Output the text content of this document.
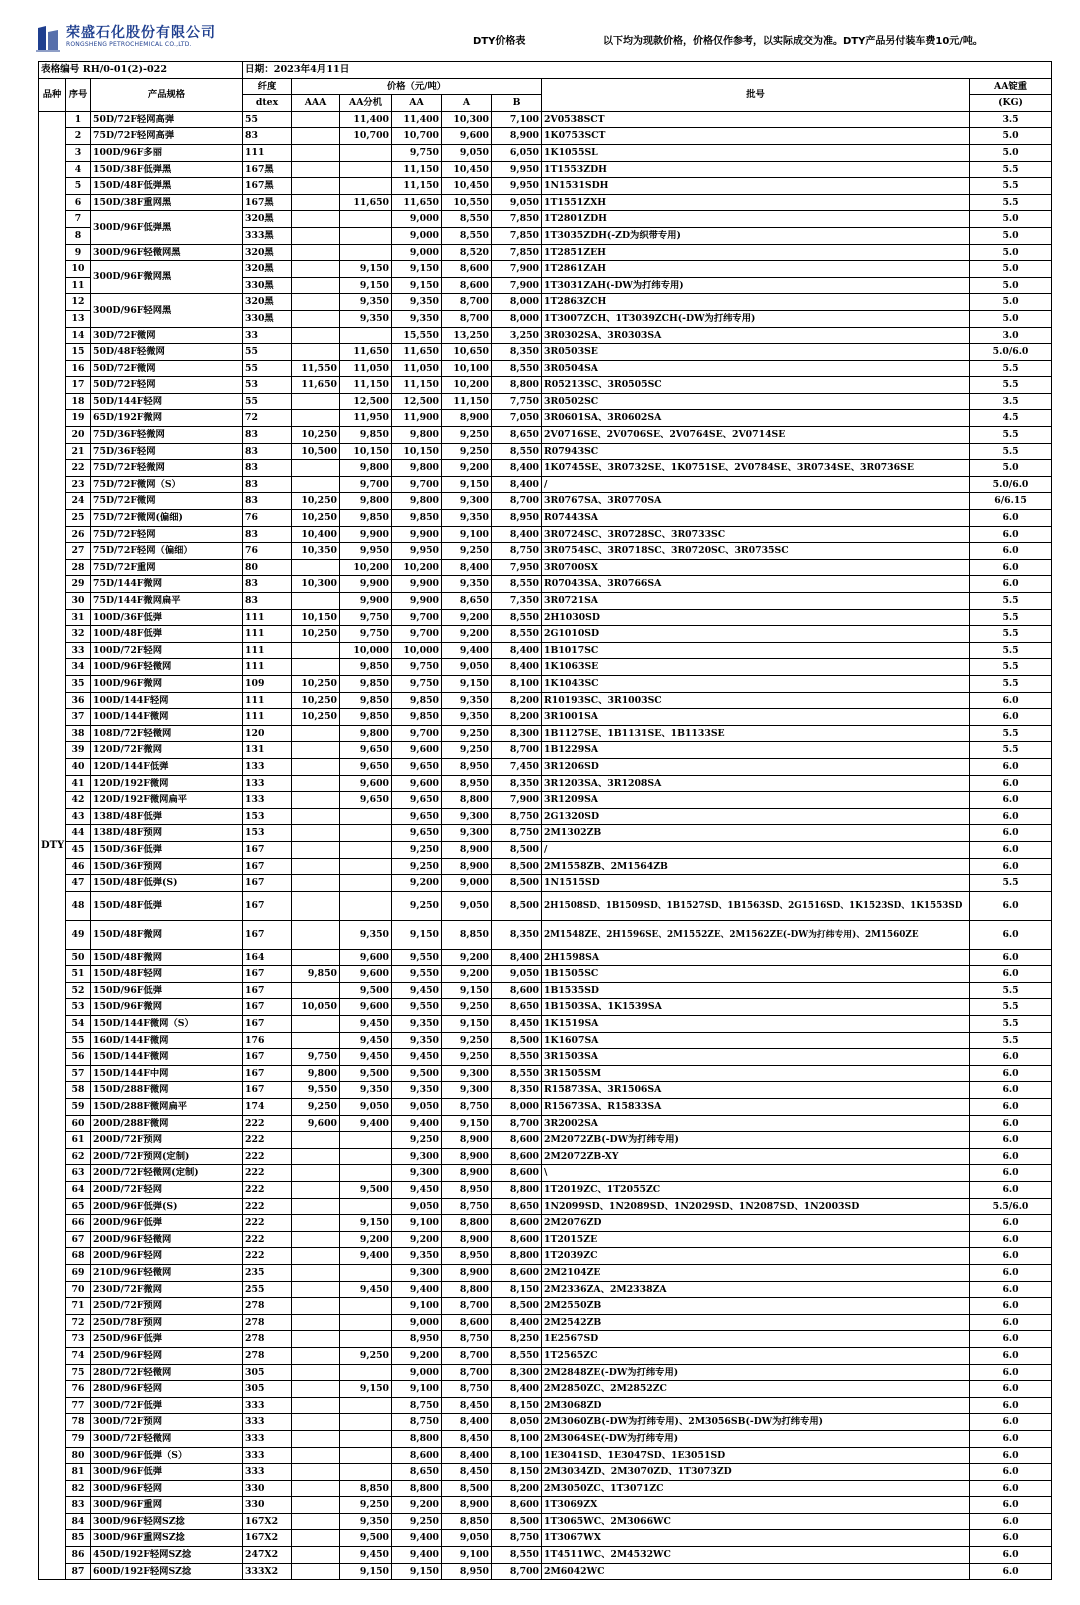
荣盛石化股份有限公司
RONGSHENG PETROCHEMICAL CO.,LTD.	DTY价格表	以下均为现款价格，价格仅作参考，以实际成交为准。DTY产品另付装车费10元/吨。
表格编号 RH/0-01(2)-022			日期：2023年4月11日							
品种	序号	产品规格	纤度	价格（元/吨）					批号	AA锭重
			dtex	AAA	AA分机	AA	A	B		(KG)
DTY	1	50D/72F轻网高弹	55		11,400	11,400	10,300	7,100	2V0538SCT	3.5
	2	75D/72F轻网高弹	83		10,700	10,700	9,600	8,900	1K0753SCT	5.0
	3	100D/96F多丽	111			9,750	9,050	6,050	1K1055SL	5.0
	4	150D/38F低弹黑	167黑			11,150	10,450	9,950	1T1553ZDH	5.5
	5	150D/48F低弹黑	167黑			11,150	10,450	9,950	1N1531SDH	5.5
	6	150D/38F重网黑	167黑		11,650	11,650	10,550	9,050	1T1551ZXH	5.5
	7	300D/96F低弹黑	320黑			9,000	8,550	7,850	1T2801ZDH	5.0
	8		333黑			9,000	8,550	7,850	1T3035ZDH(-ZD为织带专用)	5.0
	9	300D/96F轻微网黑	320黑			9,000	8,520	7,850	1T2851ZEH	5.0
	10	300D/96F微网黑	320黑		9,150	9,150	8,600	7,900	1T2861ZAH	5.0
	11		330黑		9,150	9,150	8,600	7,900	1T3031ZAH(-DW为打纬专用)	5.0
	12	300D/96F轻网黑	320黑		9,350	9,350	8,700	8,000	1T2863ZCH	5.0
	13		330黑		9,350	9,350	8,700	8,000	1T3007ZCH、1T3039ZCH(-DW为打纬专用)	5.0
	14	30D/72F微网	33			15,550	13,250	3,250	3R0302SA、3R0303SA	3.0
	15	50D/48F轻微网	55		11,650	11,650	10,650	8,350	3R0503SE	5.0/6.0
	16	50D/72F微网	55	11,550	11,050	11,050	10,100	8,550	3R0504SA	5.5
	17	50D/72F轻网	53	11,650	11,150	11,150	10,200	8,800	R05213SC、3R0505SC	5.5
	18	50D/144F轻网	55		12,500	12,500	11,150	7,750	3R0502SC	3.5
	19	65D/192F微网	72		11,950	11,900	8,900	7,050	3R0601SA、3R0602SA	4.5
	20	75D/36F轻微网	83	10,250	9,850	9,800	9,250	8,650	2V0716SE、2V0706SE、2V0764SE、2V0714SE	5.5
	21	75D/36F轻网	83	10,500	10,150	10,150	9,250	8,550	R07943SC	5.5
	22	75D/72F轻微网	83		9,800	9,800	9,200	8,400	1K0745SE、3R0732SE、1K0751SE、2V0784SE、3R0734SE、3R0736SE	5.0
	23	75D/72F微网（S）	83		9,700	9,700	9,150	8,400	/	5.0/6.0
	24	75D/72F微网	83	10,250	9,800	9,800	9,300	8,700	3R0767SA、3R0770SA	6/6.15
	25	75D/72F微网(偏细)	76	10,250	9,850	9,850	9,350	8,950	R07443SA	6.0
	26	75D/72F轻网	83	10,400	9,900	9,900	9,100	8,400	3R0724SC、3R0728SC、3R0733SC	6.0
	27	75D/72F轻网（偏细）	76	10,350	9,950	9,950	9,250	8,750	3R0754SC、3R0718SC、3R0720SC、3R0735SC	6.0
	28	75D/72F重网	80		10,200	10,200	8,400	7,950	3R0700SX	6.0
	29	75D/144F微网	83	10,300	9,900	9,900	9,350	8,550	R07043SA、3R0766SA	6.0
	30	75D/144F微网扁平	83		9,900	9,900	8,650	7,350	3R0721SA	5.5
	31	100D/36F低弹	111	10,150	9,750	9,700	9,200	8,550	2H1030SD	5.5
	32	100D/48F低弹	111	10,250	9,750	9,700	9,200	8,550	2G1010SD	5.5
	33	100D/72F轻网	111		10,000	10,000	9,400	8,400	1B1017SC	5.5
	34	100D/96F轻微网	111		9,850	9,750	9,050	8,400	1K1063SE	5.5
	35	100D/96F微网	109	10,250	9,850	9,750	9,150	8,100	1K1043SC	5.5
	36	100D/144F轻网	111	10,250	9,850	9,850	9,350	8,200	R10193SC、3R1003SC	6.0
	37	100D/144F微网	111	10,250	9,850	9,850	9,350	8,200	3R1001SA	6.0
	38	108D/72F轻微网	120		9,800	9,700	9,250	8,300	1B1127SE、1B1131SE、1B1133SE	5.5
	39	120D/72F微网	131		9,650	9,600	9,250	8,700	1B1229SA	5.5
	40	120D/144F低弹	133		9,650	9,650	8,950	7,450	3R1206SD	6.0
	41	120D/192F微网	133		9,600	9,600	8,950	8,350	3R1203SA、3R1208SA	6.0
	42	120D/192F微网扁平	133		9,650	9,650	8,800	7,900	3R1209SA	6.0
	43	138D/48F低弹	153			9,650	9,300	8,750	2G1320SD	6.0
	44	138D/48F预网	153			9,650	9,300	8,750	2M1302ZB	6.0
	45	150D/36F低弹	167			9,250	8,900	8,500	/	6.0
	46	150D/36F预网	167			9,250	8,900	8,500	2M1558ZB、2M1564ZB	6.0
	47	150D/48F低弹(S)	167			9,200	9,000	8,500	1N1515SD	5.5
	48	150D/48F低弹	167			9,250	9,050	8,500	2H1508SD、1B1509SD、1B1527SD、1B1563SD、2G1516SD、1K1523SD、1K1553SD	6.0
	49	150D/48F微网	167		9,350	9,150	8,850	8,350	2M1548ZE、2H1596SE、2M1552ZE、2M1562ZE(-DW为打纬专用)、2M1560ZE	6.0
	50	150D/48F微网	164		9,600	9,550	9,200	8,400	2H1598SA	6.0
	51	150D/48F轻网	167	9,850	9,600	9,550	9,200	9,050	1B1505SC	6.0
	52	150D/96F低弹	167		9,500	9,450	9,150	8,600	1B1535SD	5.5
	53	150D/96F微网	167	10,050	9,600	9,550	9,250	8,650	1B1503SA、1K1539SA	5.5
	54	150D/144F微网（S）	167		9,450	9,350	9,150	8,450	1K1519SA	5.5
	55	160D/144F微网	176		9,450	9,350	9,250	8,500	1K1607SA	5.5
	56	150D/144F微网	167	9,750	9,450	9,450	9,250	8,550	3R1503SA	6.0
	57	150D/144F中网	167	9,800	9,500	9,500	9,300	8,550	3R1505SM	6.0
	58	150D/288F微网	167	9,550	9,350	9,350	9,300	8,350	R15873SA、3R1506SA	6.0
	59	150D/288F微网扁平	174	9,250	9,050	9,050	8,750	8,000	R15673SA、R15833SA	6.0
	60	200D/288F微网	222	9,600	9,400	9,400	9,150	8,700	3R2002SA	6.0
	61	200D/72F预网	222			9,250	8,900	8,600	2M2072ZB(-DW为打纬专用)	6.0
	62	200D/72F预网(定制)	222			9,300	8,900	8,600	2M2072ZB-XY	6.0
	63	200D/72F轻微网(定制)	222			9,300	8,900	8,600	\	6.0
	64	200D/72F轻网	222		9,500	9,450	8,950	8,800	1T2019ZC、1T2055ZC	6.0
	65	200D/96F低弹(S)	222			9,050	8,750	8,650	1N2099SD、1N2089SD、1N2029SD、1N2087SD、1N2003SD	5.5/6.0
	66	200D/96F低弹	222		9,150	9,100	8,800	8,600	2M2076ZD	6.0
	67	200D/96F轻微网	222		9,200	9,200	8,900	8,600	1T2015ZE	6.0
	68	200D/96F轻网	222		9,400	9,350	8,950	8,800	1T2039ZC	6.0
	69	210D/96F轻微网	235			9,300	8,900	8,600	2M2104ZE	6.0
	70	230D/72F微网	255		9,450	9,400	8,800	8,150	2M2336ZA、2M2338ZA	6.0
	71	250D/72F预网	278			9,100	8,700	8,500	2M2550ZB	6.0
	72	250D/78F预网	278			9,000	8,600	8,400	2M2542ZB	6.0
	73	250D/96F低弹	278			8,950	8,750	8,250	1E2567SD	6.0
	74	250D/96F轻网	278		9,250	9,200	8,700	8,550	1T2565ZC	6.0
	75	280D/72F轻微网	305			9,000	8,700	8,300	2M2848ZE(-DW为打纬专用)	6.0
	76	280D/96F轻网	305		9,150	9,100	8,750	8,400	2M2850ZC、2M2852ZC	6.0
	77	300D/72F低弹	333			8,750	8,450	8,150	2M3068ZD	6.0
	78	300D/72F预网	333			8,750	8,400	8,050	2M3060ZB(-DW为打纬专用)、2M3056SB(-DW为打纬专用)	6.0
	79	300D/72F轻微网	333			8,800	8,450	8,100	2M3064SE(-DW为打纬专用)	6.0
	80	300D/96F低弹（S）	333			8,600	8,400	8,100	1E3041SD、1E3047SD、1E3051SD	6.0
	81	300D/96F低弹	333			8,650	8,450	8,150	2M3034ZD、2M3070ZD、1T3073ZD	6.0
	82	300D/96F轻网	330		8,850	8,800	8,500	8,200	2M3050ZC、1T3071ZC	6.0
	83	300D/96F重网	330		9,250	9,200	8,900	8,600	1T3069ZX	6.0
	84	300D/96F轻网SZ捻	167X2		9,350	9,250	8,850	8,500	1T3065WC、2M3066WC	6.0
	85	300D/96F重网SZ捻	167X2		9,500	9,400	9,050	8,750	1T3067WX	6.0
	86	450D/192F轻网SZ捻	247X2		9,450	9,400	9,100	8,550	1T4511WC、2M4532WC	6.0
	87	600D/192F轻网SZ捻	333X2		9,150	9,150	8,950	8,700	2M6042WC	6.0
